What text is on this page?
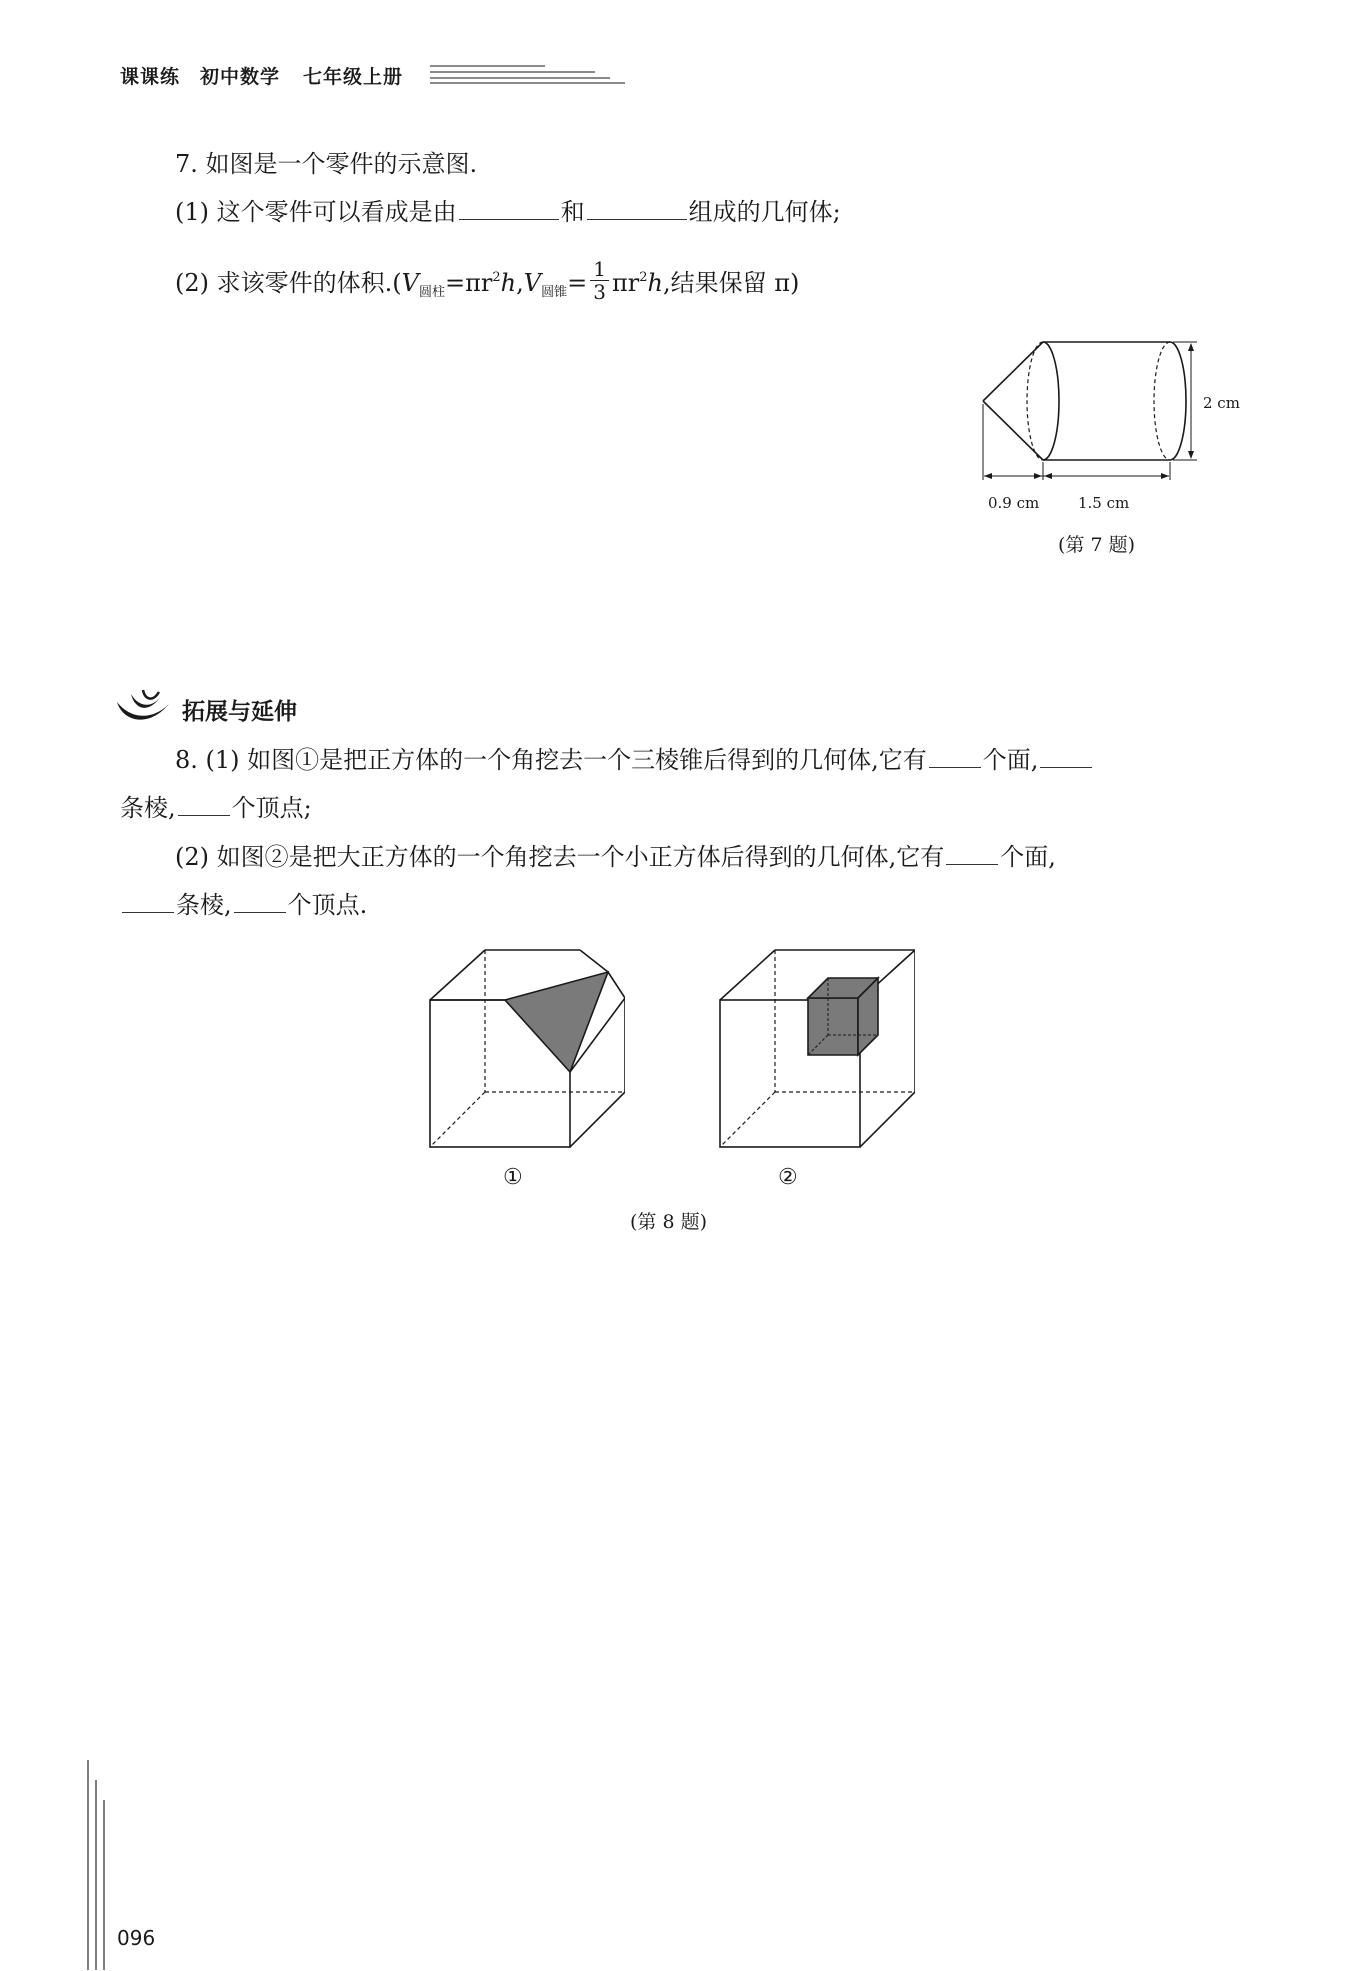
课课练 初中数学 七年级上册
7. 如图是一个零件的示意图.
(1) 这个零件可以看成是由	和	组成的几何体;
(2) 求该零件的体积$.(V_{圆柱}=\pi r^2h,V_{圆锥}= \frac{1}{3} \pi r^2h$,结果保留 π)
2 cm
0.9 cm	1.5 cm
(第 7 题)
拓展与延伸
8. (1) 如图①是把正方体的一个角挖去一个三棱锥后得到的几何体,它有 个面,
条棱, 个顶点;
(2) 如图②是把大正方体的一个角挖去一个小正方体后得到的几何体,它有 个面,
条棱, 个顶点.
①	②
(第 8 题)
096
